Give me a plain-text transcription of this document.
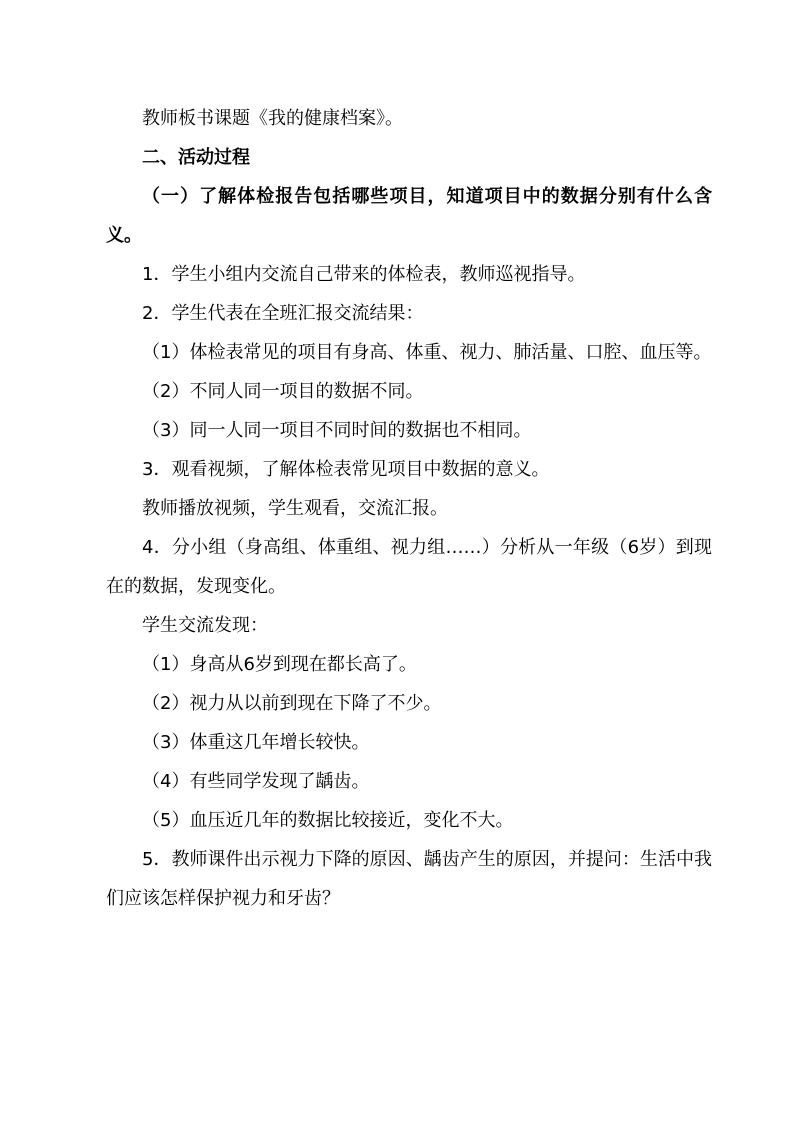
教师板书课题《我的健康档案》。

二、活动过程

（一）了解体检报告包括哪些项目，知道项目中的数据分别有什么含义。

1．学生小组内交流自己带来的体检表，教师巡视指导。

2．学生代表在全班汇报交流结果：

（1）体检表常见的项目有身高、体重、视力、肺活量、口腔、血压等。

（2）不同人同一项目的数据不同。

（3）同一人同一项目不同时间的数据也不相同。

3．观看视频，了解体检表常见项目中数据的意义。

教师播放视频，学生观看，交流汇报。

4．分小组（身高组、体重组、视力组……）分析从一年级（6岁）到现在的数据，发现变化。

学生交流发现：

（1）身高从6岁到现在都长高了。

（2）视力从以前到现在下降了不少。

（3）体重这几年增长较快。

（4）有些同学发现了龋齿。

（5）血压近几年的数据比较接近，变化不大。

5．教师课件出示视力下降的原因、龋齿产生的原因，并提问：生活中我们应该怎样保护视力和牙齿？
